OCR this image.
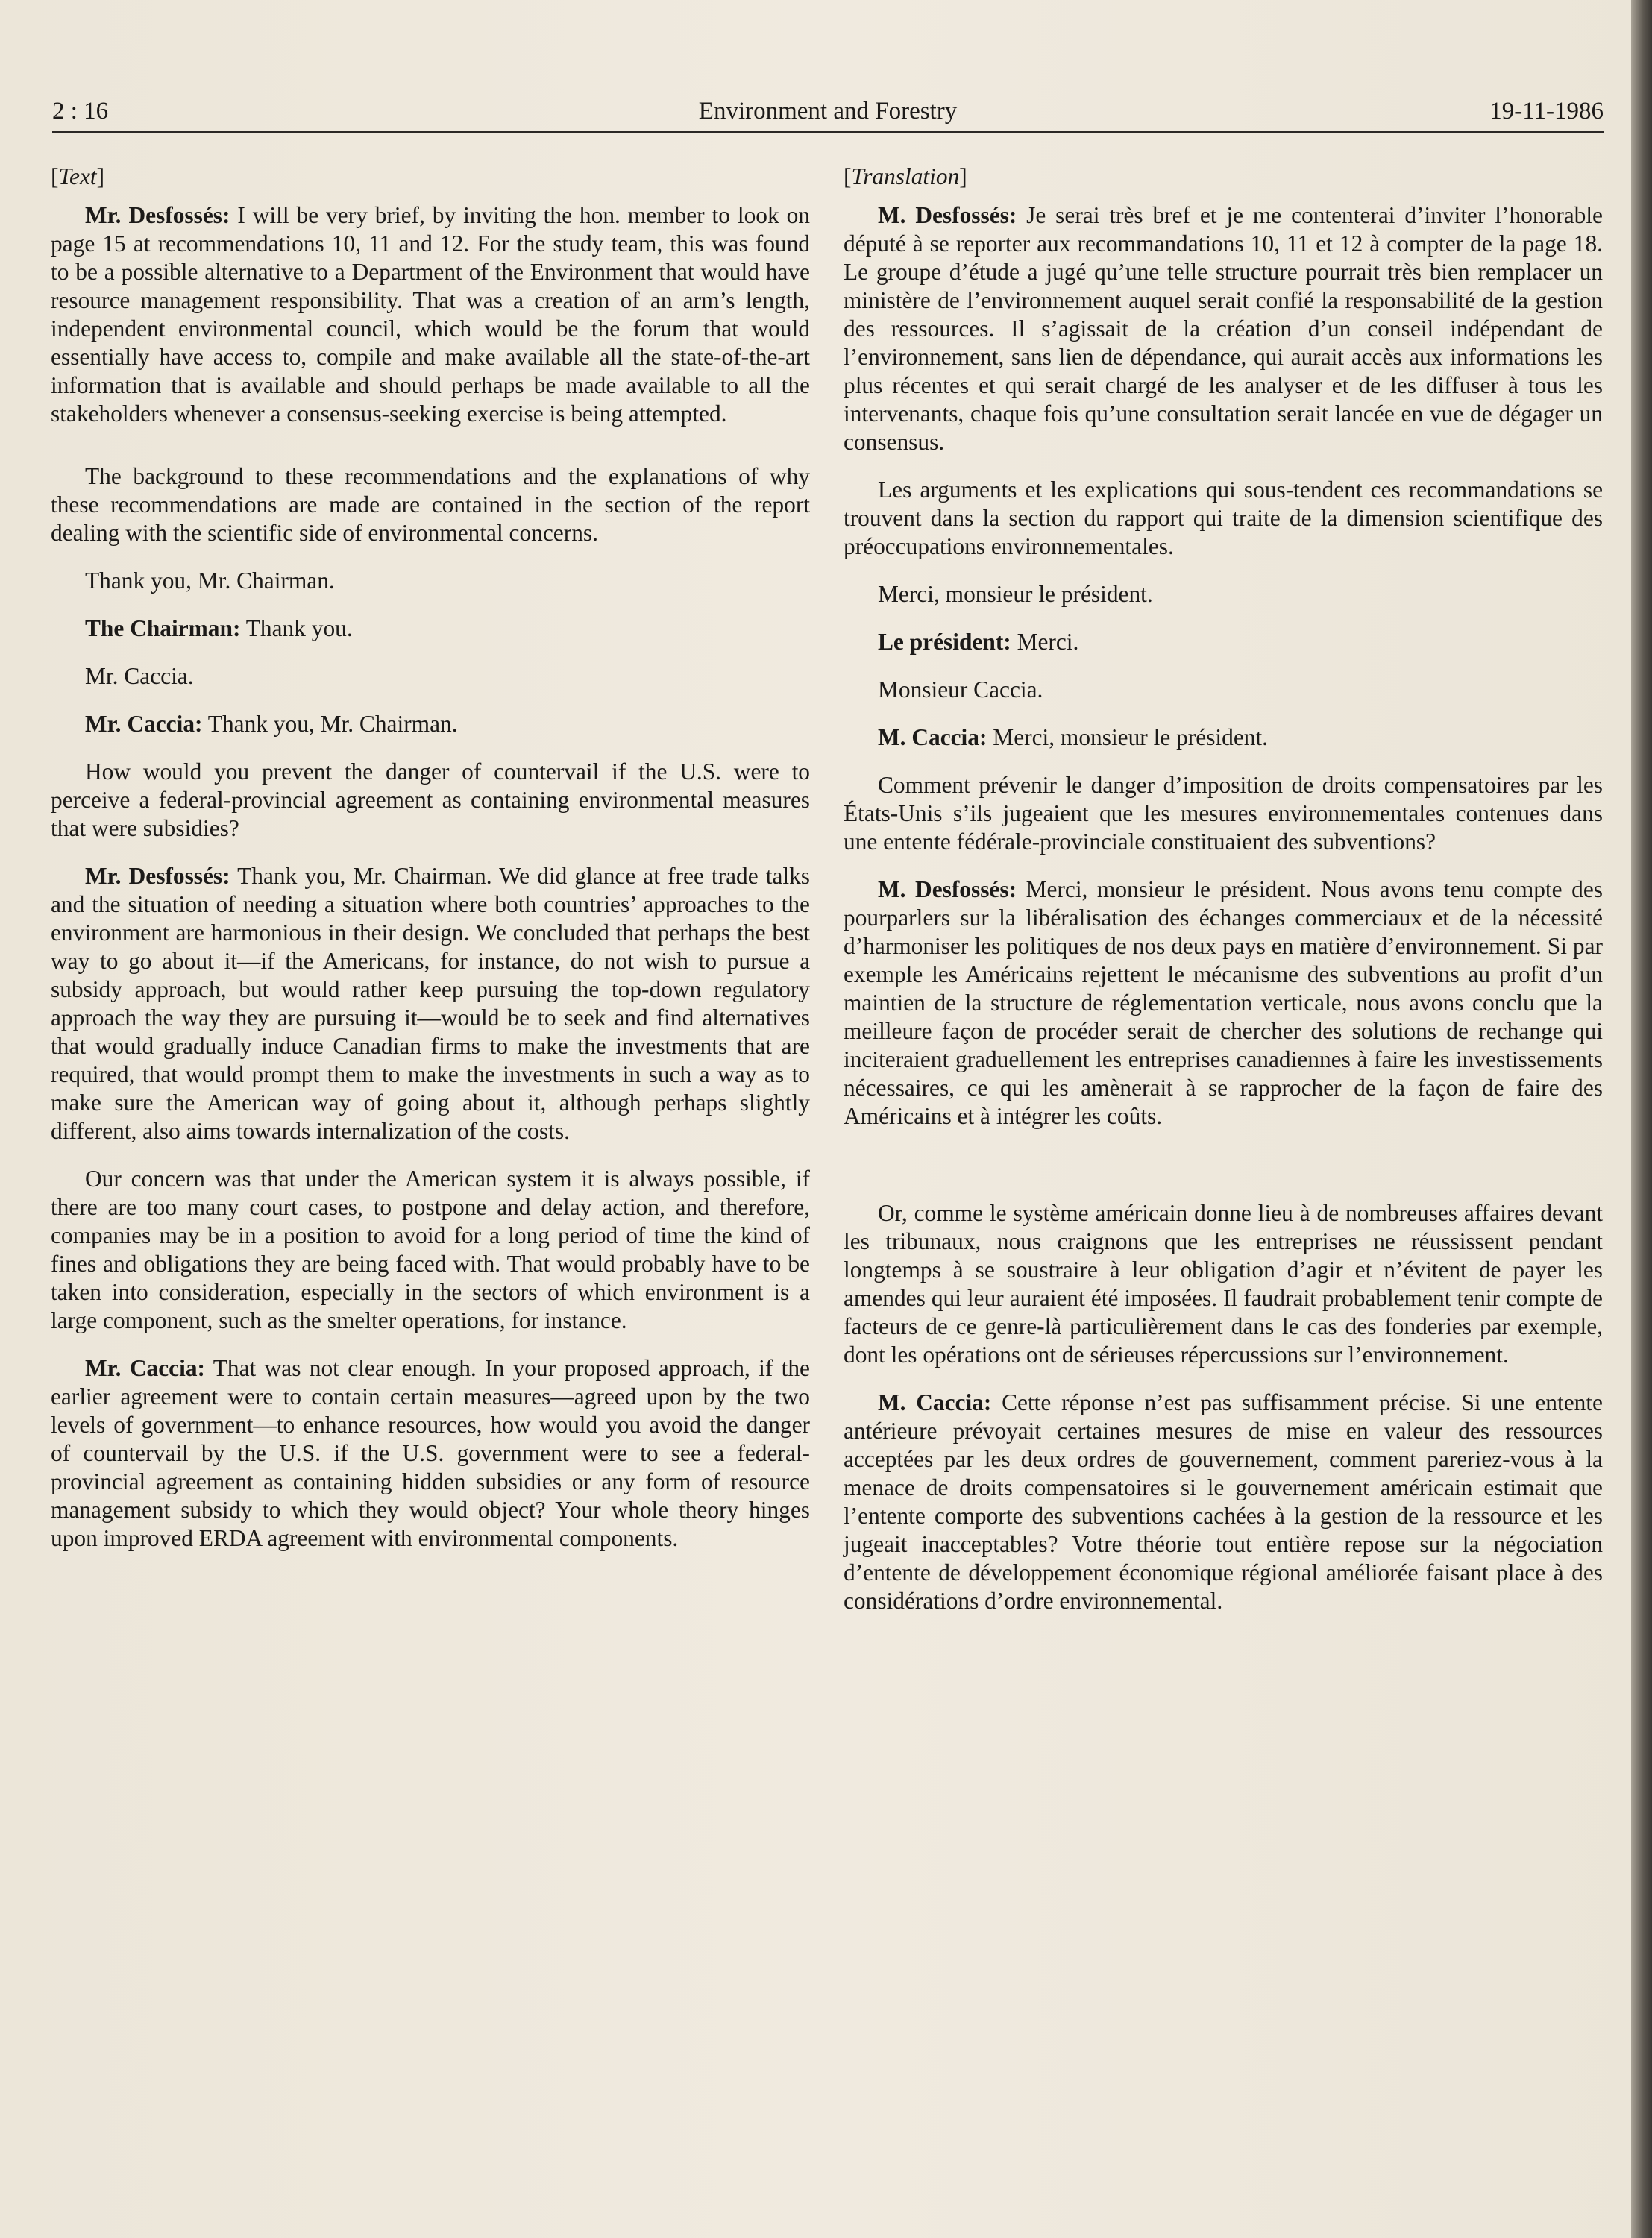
2 : 16	Environment and Forestry	19-11-1986
[Text]

Mr. Desfossés: I will be very brief, by inviting the hon. member to look on page 15 at recommendations 10, 11 and 12. For the study team, this was found to be a possible alternative to a Department of the Environment that would have resource management responsibility. That was a creation of an arm’s length, independent environmental council, which would be the forum that would essentially have access to, compile and make available all the state-of-the-art information that is available and should perhaps be made available to all the stakeholders whenever a consensus-seeking exercise is being attempted.

The background to these recommendations and the explanations of why these recommendations are made are contained in the section of the report dealing with the scientific side of environmental concerns.

Thank you, Mr. Chairman.

The Chairman: Thank you.

Mr. Caccia.

Mr. Caccia: Thank you, Mr. Chairman.

How would you prevent the danger of countervail if the U.S. were to perceive a federal-provincial agreement as containing environmental measures that were subsidies?

Mr. Desfossés: Thank you, Mr. Chairman. We did glance at free trade talks and the situation of needing a situation where both countries’ approaches to the environment are harmonious in their design. We concluded that perhaps the best way to go about it—if the Americans, for instance, do not wish to pursue a subsidy approach, but would rather keep pursuing the top-down regulatory approach the way they are pursuing it—would be to seek and find alternatives that would gradually induce Canadian firms to make the investments that are required, that would prompt them to make the investments in such a way as to make sure the American way of going about it, although perhaps slightly different, also aims towards internalization of the costs.

Our concern was that under the American system it is always possible, if there are too many court cases, to postpone and delay action, and therefore, companies may be in a position to avoid for a long period of time the kind of fines and obligations they are being faced with. That would probably have to be taken into consideration, especially in the sectors of which environment is a large component, such as the smelter operations, for instance.

Mr. Caccia: That was not clear enough. In your proposed approach, if the earlier agreement were to contain certain measures—agreed upon by the two levels of government—to enhance resources, how would you avoid the danger of countervail by the U.S. if the U.S. government were to see a federal-provincial agreement as containing hidden subsidies or any form of resource management subsidy to which they would object? Your whole theory hinges upon improved ERDA agreement with environmental components.

[Translation]

M. Desfossés: Je serai très bref et je me contenterai d’inviter l’honorable député à se reporter aux recommandations 10, 11 et 12 à compter de la page 18. Le groupe d’étude a jugé qu’une telle structure pourrait très bien remplacer un ministère de l’environnement auquel serait confié la responsabilité de la gestion des ressources. Il s’agissait de la création d’un conseil indépendant de l’environnement, sans lien de dépendance, qui aurait accès aux informations les plus récentes et qui serait chargé de les analyser et de les diffuser à tous les intervenants, chaque fois qu’une consultation serait lancée en vue de dégager un consensus.

Les arguments et les explications qui sous-tendent ces recommandations se trouvent dans la section du rapport qui traite de la dimension scientifique des préoccupations environnementales.

Merci, monsieur le président.

Le président: Merci.

Monsieur Caccia.

M. Caccia: Merci, monsieur le président.

Comment prévenir le danger d’imposition de droits compensatoires par les États-Unis s’ils jugeaient que les mesures environnementales contenues dans une entente fédérale-provinciale constituaient des subventions?

M. Desfossés: Merci, monsieur le président. Nous avons tenu compte des pourparlers sur la libéralisation des échanges commerciaux et de la nécessité d’harmoniser les politiques de nos deux pays en matière d’environnement. Si par exemple les Américains rejettent le mécanisme des subventions au profit d’un maintien de la structure de réglementation verticale, nous avons conclu que la meilleure façon de procéder serait de chercher des solutions de rechange qui inciteraient graduellement les entreprises canadiennes à faire les investissements nécessaires, ce qui les amènerait à se rapprocher de la façon de faire des Américains et à intégrer les coûts.

Or, comme le système américain donne lieu à de nombreuses affaires devant les tribunaux, nous craignons que les entreprises ne réussissent pendant longtemps à se soustraire à leur obligation d’agir et n’évitent de payer les amendes qui leur auraient été imposées. Il faudrait probablement tenir compte de facteurs de ce genre-là particulièrement dans le cas des fonderies par exemple, dont les opérations ont de sérieuses répercussions sur l’environnement.

M. Caccia: Cette réponse n’est pas suffisamment précise. Si une entente antérieure prévoyait certaines mesures de mise en valeur des ressources acceptées par les deux ordres de gouvernement, comment pareriez-vous à la menace de droits compensatoires si le gouvernement américain estimait que l’entente comporte des subventions cachées à la gestion de la ressource et les jugeait inacceptables? Votre théorie tout entière repose sur la négociation d’entente de développement économique régional améliorée faisant place à des considérations d’ordre environnemental.
